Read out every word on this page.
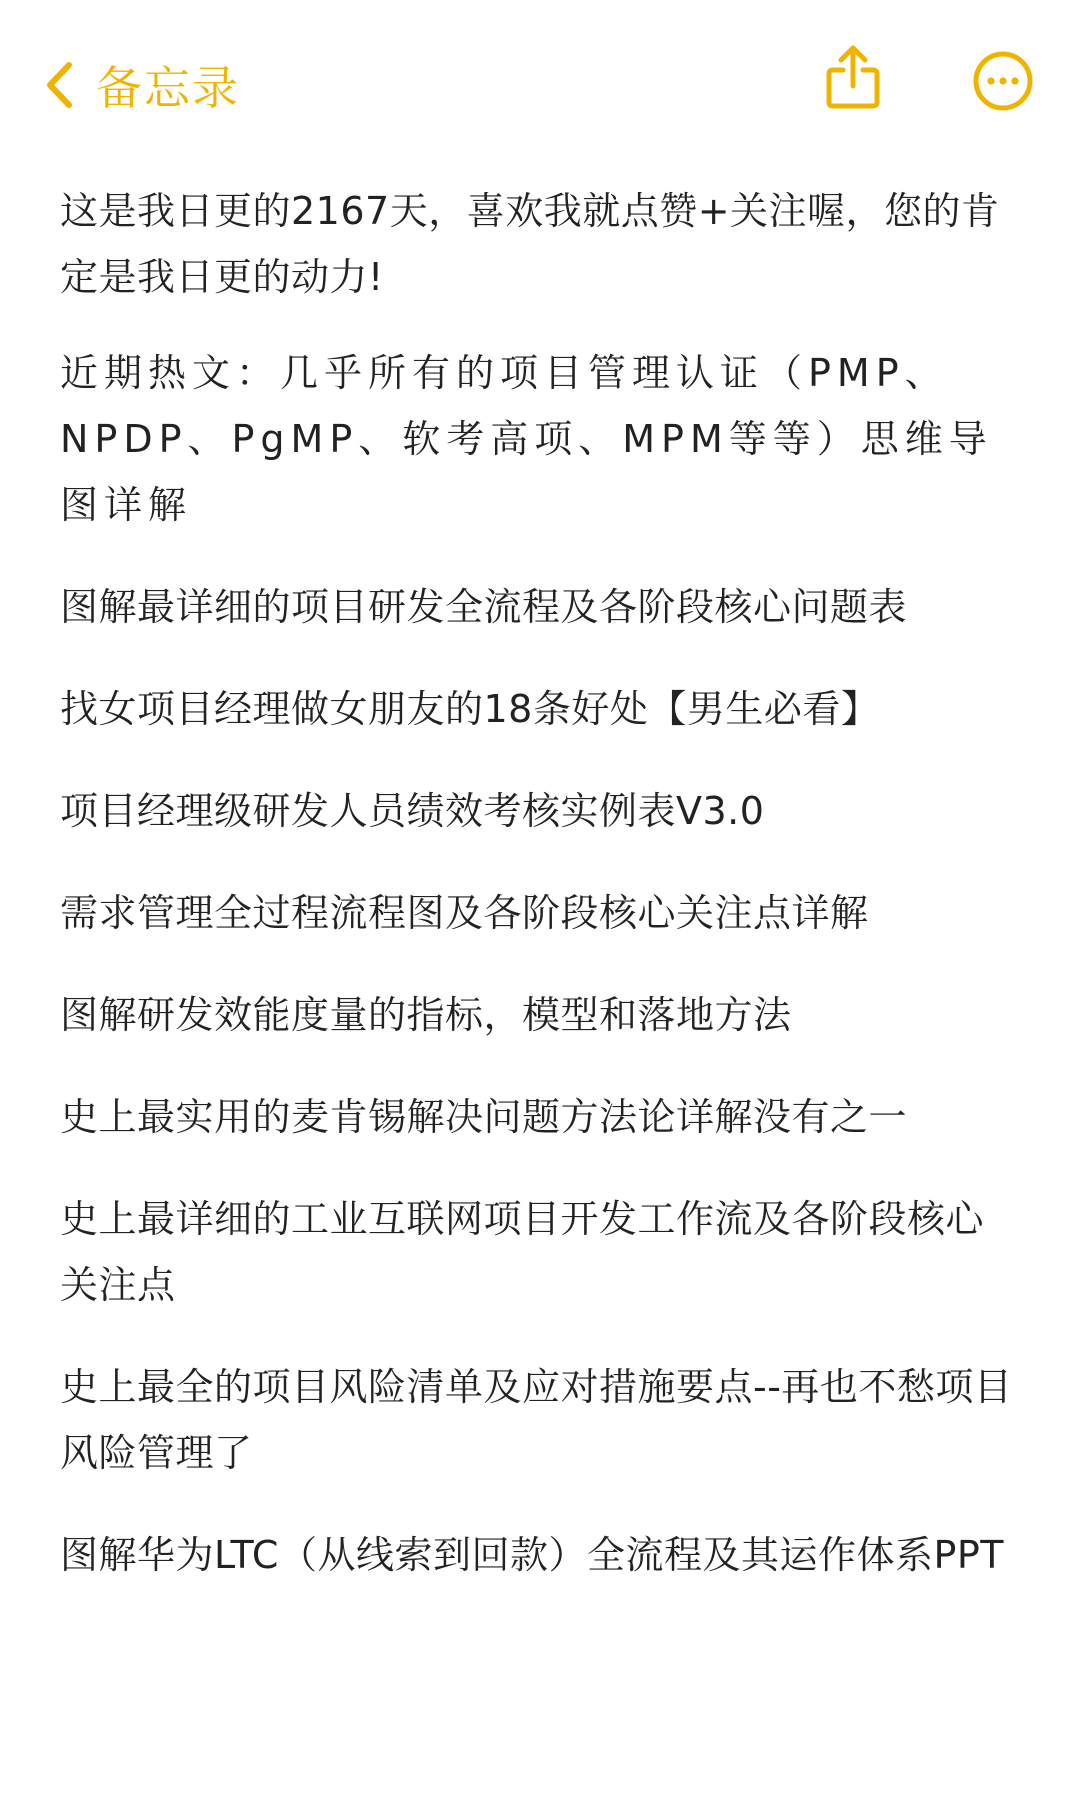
备忘录

这是我日更的2167天，喜欢我就点赞+关注喔，您的肯定是我日更的动力!

近期热文：几乎所有的项目管理认证（PMP、NPDP、PgMP、软考高项、MPM等等）思维导图详解

图解最详细的项目研发全流程及各阶段核心问题表

找女项目经理做女朋友的18条好处【男生必看】

项目经理级研发人员绩效考核实例表V3.0

需求管理全过程流程图及各阶段核心关注点详解

图解研发效能度量的指标，模型和落地方法

史上最实用的麦肯锡解决问题方法论详解没有之一

史上最详细的工业互联网项目开发工作流及各阶段核心关注点

史上最全的项目风险清单及应对措施要点--再也不愁项目风险管理了

图解华为LTC（从线索到回款）全流程及其运作体系PPT
